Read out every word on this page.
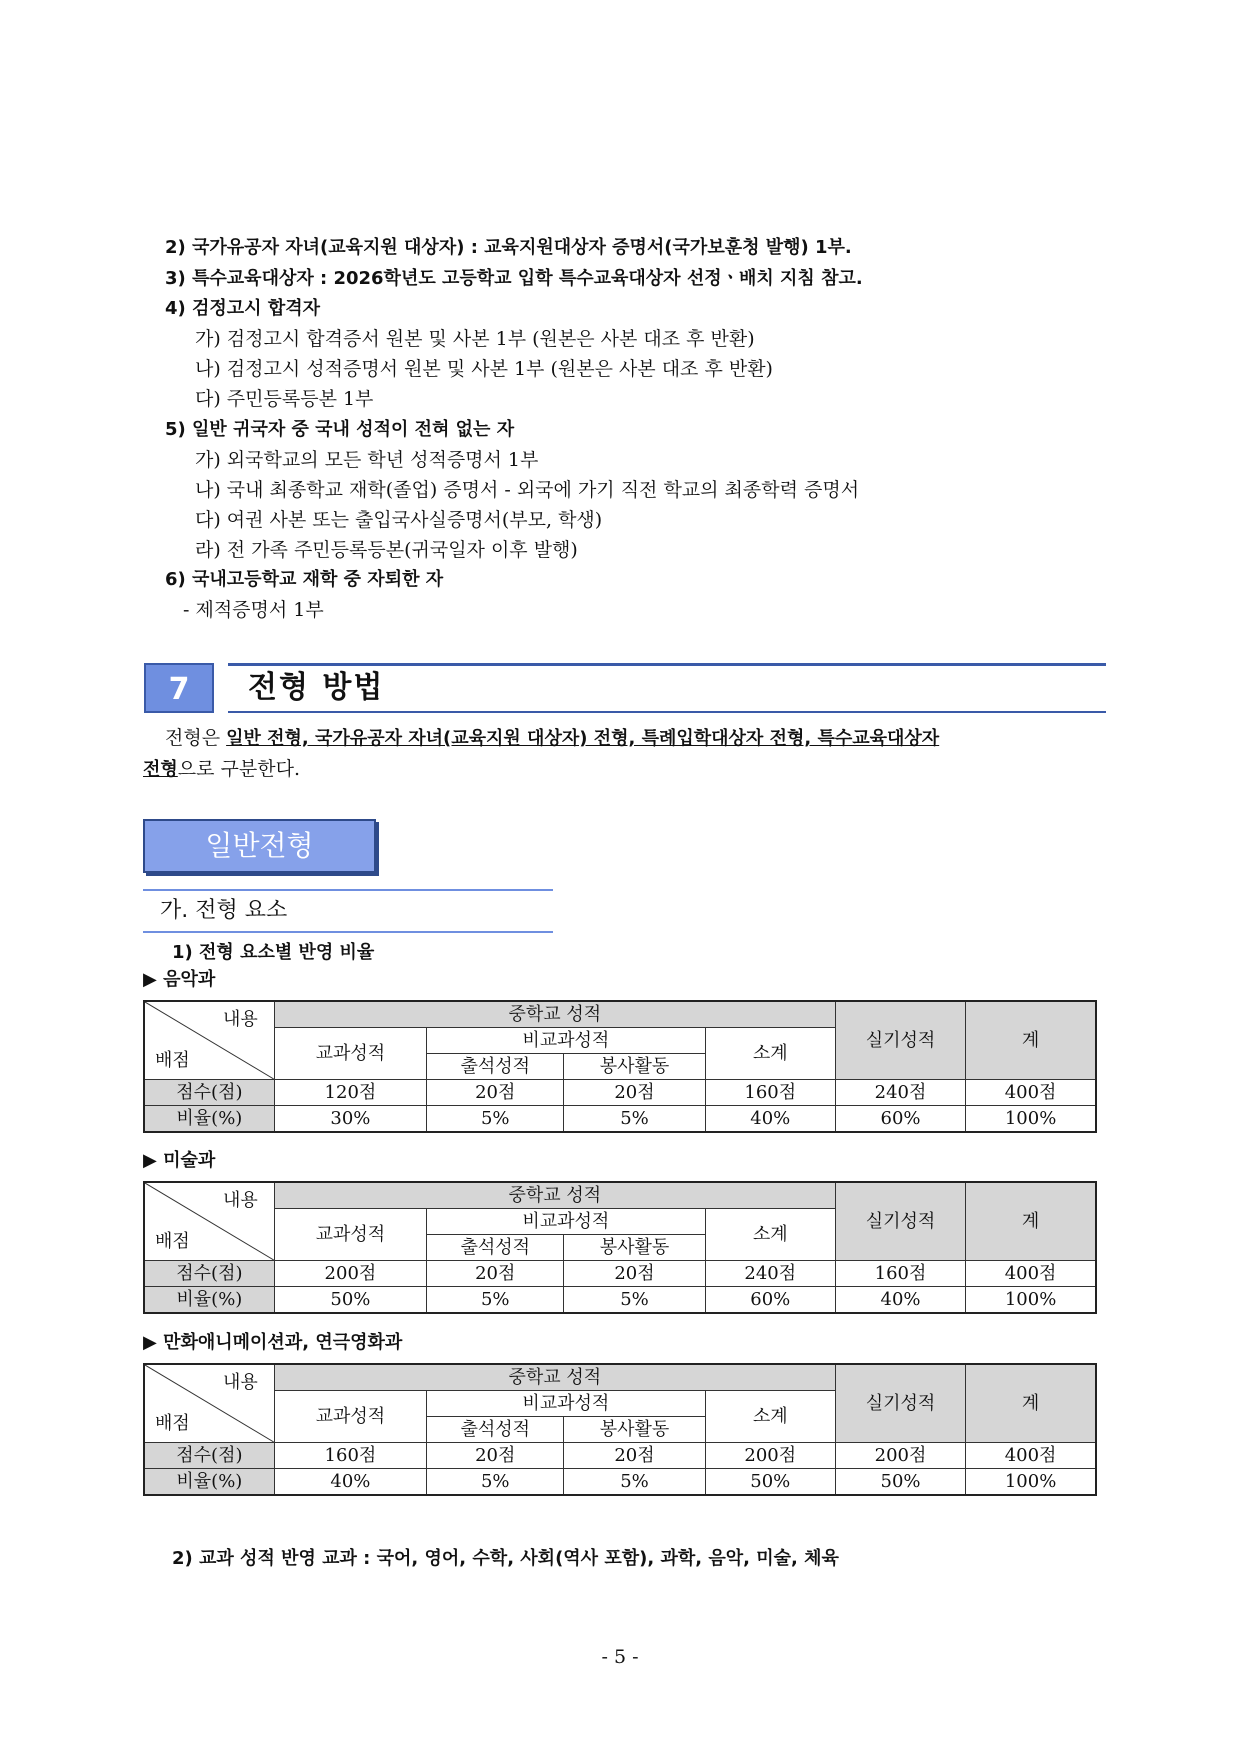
2) 국가유공자 자녀(교육지원 대상자) : 교육지원대상자 증명서(국가보훈청 발행) 1부.
3) 특수교육대상자 : 2026학년도 고등학교 입학 특수교육대상자 선정ㆍ배치 지침 참고.
4) 검정고시 합격자
가) 검정고시 합격증서 원본 및 사본 1부 (원본은 사본 대조 후 반환)
나) 검정고시 성적증명서 원본 및 사본 1부 (원본은 사본 대조 후 반환)
다) 주민등록등본 1부
5) 일반 귀국자 중 국내 성적이 전혀 없는 자
가) 외국학교의 모든 학년 성적증명서 1부
나) 국내 최종학교 재학(졸업) 증명서 - 외국에 가기 직전 학교의 최종학력 증명서
다) 여권 사본 또는 출입국사실증명서(부모, 학생)
라) 전 가족 주민등록등본(귀국일자 이후 발행)
6) 국내고등학교 재학 중 자퇴한 자
- 제적증명서 1부
7	전형 방법
전형은 일반 전형, 국가유공자 자녀(교육지원 대상자) 전형, 특례입학대상자 전형, 특수교육대상자
전형으로 구분한다.
일반전형
가. 전형 요소
1) 전형 요소별 반영 비율
▶ 음악과
내용
배점	중학교 성적				실기성적	계
	교과성적	비교과성적		소계		
		출석성적	봉사활동			
점수(점)	120점	20점	20점	160점	240점	400점
비율(%)	30%	5%	5%	40%	60%	100%
▶ 미술과
내용
배점	중학교 성적				실기성적	계
	교과성적	비교과성적		소계		
		출석성적	봉사활동			
점수(점)	200점	20점	20점	240점	160점	400점
비율(%)	50%	5%	5%	60%	40%	100%
▶ 만화애니메이션과, 연극영화과
내용
배점	중학교 성적				실기성적	계
	교과성적	비교과성적		소계		
		출석성적	봉사활동			
점수(점)	160점	20점	20점	200점	200점	400점
비율(%)	40%	5%	5%	50%	50%	100%
2) 교과 성적 반영 교과 : 국어, 영어, 수학, 사회(역사 포함), 과학, 음악, 미술, 체육
- 5 -
